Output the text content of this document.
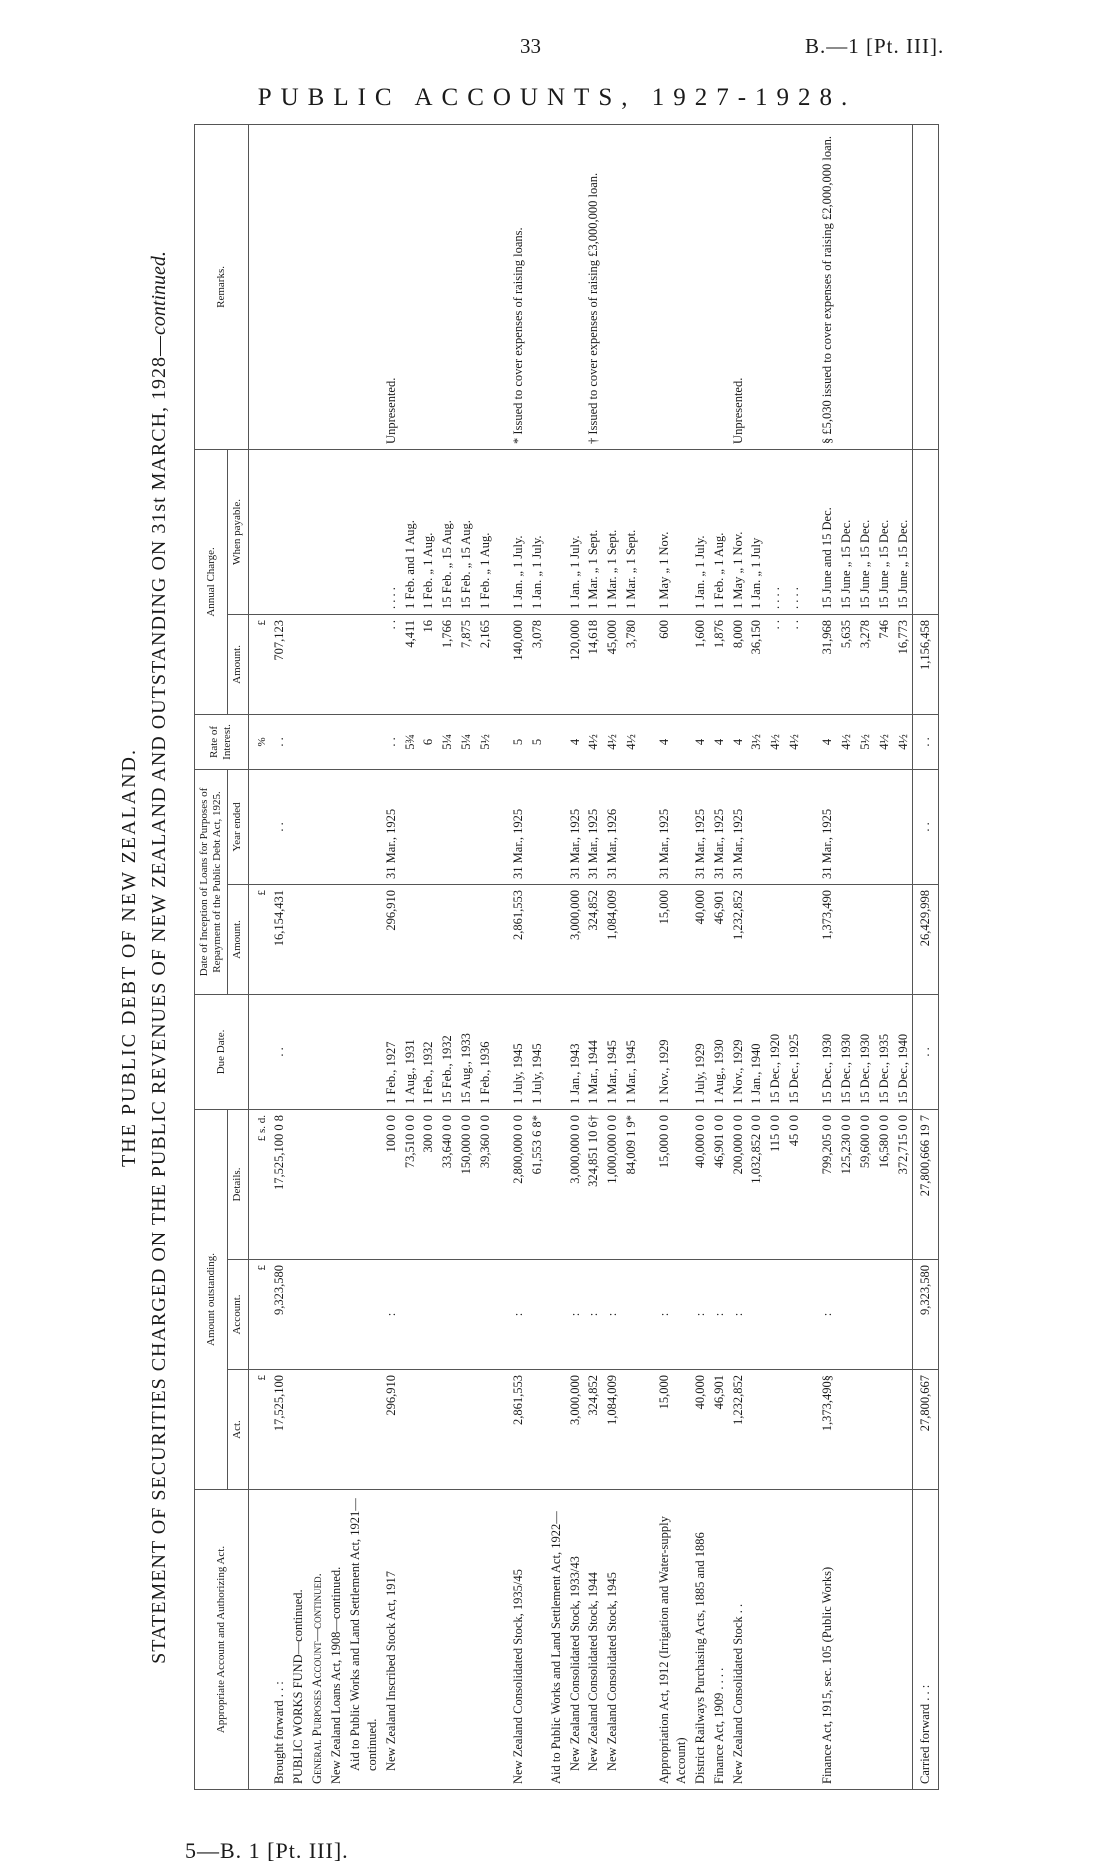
33	B.—1 [Pt. III].
PUBLIC ACCOUNTS, 1927-1928.
THE PUBLIC DEBT OF NEW ZEALAND. STATEMENT OF SECURITIES CHARGED ON THE PUBLIC REVENUES OF NEW ZEALAND AND OUTSTANDING ON 31st MARCH, 1928—continued.
Appropriate Account and Authorizing Act.	Amount outstanding.			Due Date.	Date of Inception of Loans for Purposes of Repayment of the Public Debt Act, 1925.		Rate of Interest.	Annual Charge.		Remarks.
	Act.	Account.	Details.		Amount.	Year ended		Amount.	When payable.	
	£	£	£ s. d.		£		%	£		
Brought forward . . :	17,525,100	9,323,580	17,525,100 0 8	. .	16,154,431	. .	. .	707,123		
PUBLIC WORKS FUND—continued.										
General Purposes Account—continued.										
New Zealand Loans Act, 1908—continued.										
Aid to Public Works and Land Settlement Act, 1921—continued.										
New Zealand Inscribed Stock Act, 1917	296,910	:	100 0 0	1 Feb., 1927	296,910	31 Mar., 1925	. .	. .	. . . .	Unpresented.
			73,510 0 0	1 Aug., 1931			5¾	4,411	1 Feb. and 1 Aug.	
			300 0 0	1 Feb., 1932			6	16	1 Feb. „ 1 Aug.	
			33,640 0 0	15 Feb., 1932			5¼	1,766	15 Feb. „ 15 Aug.	
			150,000 0 0	15 Aug., 1933			5¼	7,875	15 Feb. „ 15 Aug.	
			39,360 0 0	1 Feb., 1936			5½	2,165	1 Feb. „ 1 Aug.	

New Zealand Consolidated Stock, 1935/45	2,861,553	:	2,800,000 0 0	1 July, 1945	2,861,553	31 Mar., 1925	5	140,000	1 Jan. „ 1 July.	* Issued to cover expenses of raising loans.
			61,553 6 8*	1 July, 1945			5	3,078	1 Jan. „ 1 July.	
Aid to Public Works and Land Settlement Act, 1922—										
New Zealand Consolidated Stock, 1933/43	3,000,000	:	3,000,000 0 0	1 Jan., 1943	3,000,000	31 Mar., 1925	4	120,000	1 Jan. „ 1 July.	
New Zealand Consolidated Stock, 1944	324,852	:	324,851 10 6†	1 Mar., 1944	324,852	31 Mar., 1925	4½	14,618	1 Mar. „ 1 Sept.	† Issued to cover expenses of raising £3,000,000 loan.
New Zealand Consolidated Stock, 1945	1,084,009	:	1,000,000 0 0	1 Mar., 1945	1,084,009	31 Mar., 1926	4½	45,000	1 Mar. „ 1 Sept.	
			84,009 1 9*	1 Mar., 1945			4½	3,780	1 Mar. „ 1 Sept.	

Appropriation Act, 1912 (Irrigation and Water-supply Account)	15,000	:	15,000 0 0	1 Nov., 1929	15,000	31 Mar., 1925	4	600	1 May „ 1 Nov.	
District Railways Purchasing Acts, 1885 and 1886	40,000	:	40,000 0 0	1 July, 1929	40,000	31 Mar., 1925	4	1,600	1 Jan. „ 1 July.	
Finance Act, 1909 . . . .	46,901	:	46,901 0 0	1 Aug., 1930	46,901	31 Mar., 1925	4	1,876	1 Feb. „ 1 Aug.	
New Zealand Consolidated Stock . .	1,232,852	:	200,000 0 0	1 Nov., 1929	1,232,852	31 Mar., 1925	4	8,000	1 May „ 1 Nov.	Unpresented.
			1,032,852 0 0	1 Jan., 1940			3½	36,150	1 Jan. „ 1 July	
			115 0 0	15 Dec., 1920			4½	. .	. . . .	
			45 0 0	15 Dec., 1925			4½	. .	. . . .	

Finance Act, 1915, sec. 105 (Public Works)	1,373,490§	:	799,205 0 0	15 Dec., 1930	1,373,490	31 Mar., 1925	4	31,968	15 June and 15 Dec.	§ £5,030 issued to cover expenses of raising £2,000,000 loan.
			125,230 0 0	15 Dec., 1930			4½	5,635	15 June „ 15 Dec.	
			59,600 0 0	15 Dec., 1930			5½	3,278	15 June „ 15 Dec.	
			16,580 0 0	15 Dec., 1935			4½	746	15 June „ 15 Dec.	
			372,715 0 0	15 Dec., 1940			4½	16,773	15 June „ 15 Dec.	
Carried forward . . :	27,800,667	9,323,580	27,800,666 19 7	. .	26,429,998	. .	. .	1,156,458		
5—B. 1 [Pt. III].
